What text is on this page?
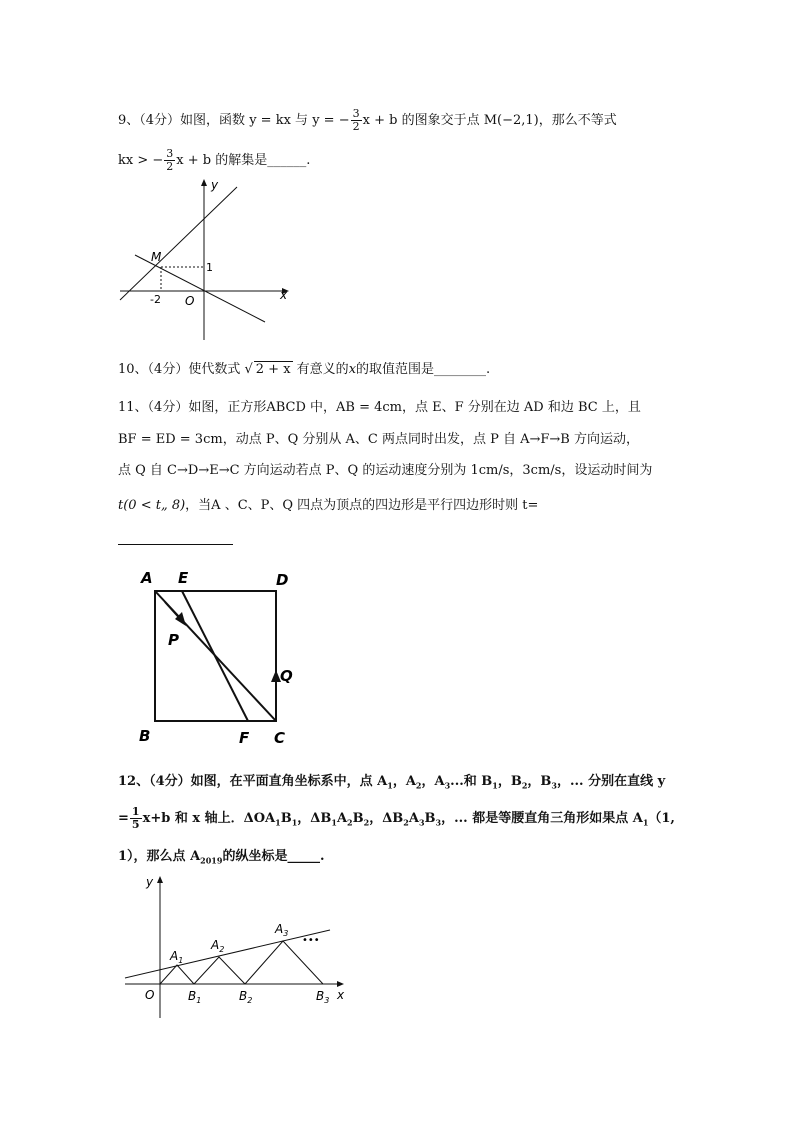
9、（4分）如图，函数 y = kx 与 y = − $\frac{3}{2}$ x + b 的图象交于点 M(−2,1)，那么不等式
kx > − $\frac{3}{2}$ x + b 的解集是______.
y
x
M
1
-2 O
10、（4分）使代数式 √ 2 + x 有意义的x的取值范围是________.
11、（4分）如图，正方形ABCD 中，AB = 4cm，点 E、F 分别在边 AD 和边 BC 上，且
BF = ED = 3cm，动点 P、Q 分别从 A、C 两点同时出发，点 P 自 A→F→B 方向运动，
点 Q 自 C→D→E→C 方向运动若点 P、Q 的运动速度分别为 1cm/s，3cm/s，设运动时间为
t(0 < t„ 8)，当A 、C、P、Q 四点为顶点的四边形是平行四边形时则 t=
A E	D
P
Q
B	F C
12、（4分）如图，在平面直角坐标系中，点 $A_1$，$A_2$，$A_3$...和 $B_1$，$B_2$，$B_3$，... 分别在直线 y
= $\frac{1}{5} x+b$ 和 x 轴上．$\Delta OA_1B_1$，$\Delta B_1A_2B_2$，$\Delta B_2A_3B_3$，... 都是等腰直角三角形如果点 $A_1(1$,
1），那么点 $A_{2019}$的纵坐标是_____.
y
x
O
$A_1$
$A_2$
$A_3$
•••
$B_1$	$B_2$	$B_3$
